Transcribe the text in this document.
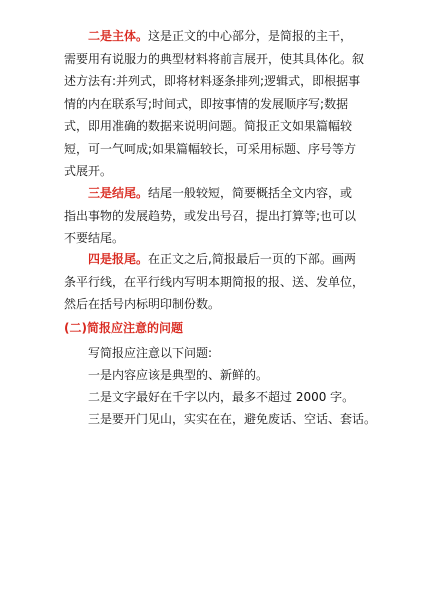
二是主体。这是正文的中心部分，是简报的主干，需要用有说服力的典型材料将前言展开，使其具体化。叙述方法有:并列式，即将材料逐条排列;逻辑式，即根据事情的内在联系写;时间式，即按事情的发展顺序写;数据式，即用准确的数据来说明问题。简报正文如果篇幅较短，可一气呵成;如果篇幅较长，可采用标题、序号等方式展开。
三是结尾。结尾一般较短，简要概括全文内容，或指出事物的发展趋势，或发出号召，提出打算等;也可以不要结尾。
四是报尾。在正文之后,简报最后一页的下部。画两条平行线，在平行线内写明本期简报的报、送、发单位，然后在括号内标明印制份数。
(二)简报应注意的问题
写简报应注意以下问题:
一是内容应该是典型的、新鲜的。
二是文字最好在千字以内，最多不超过 2000 字。
三是要开门见山，实实在在，避免废话、空话、套话。
